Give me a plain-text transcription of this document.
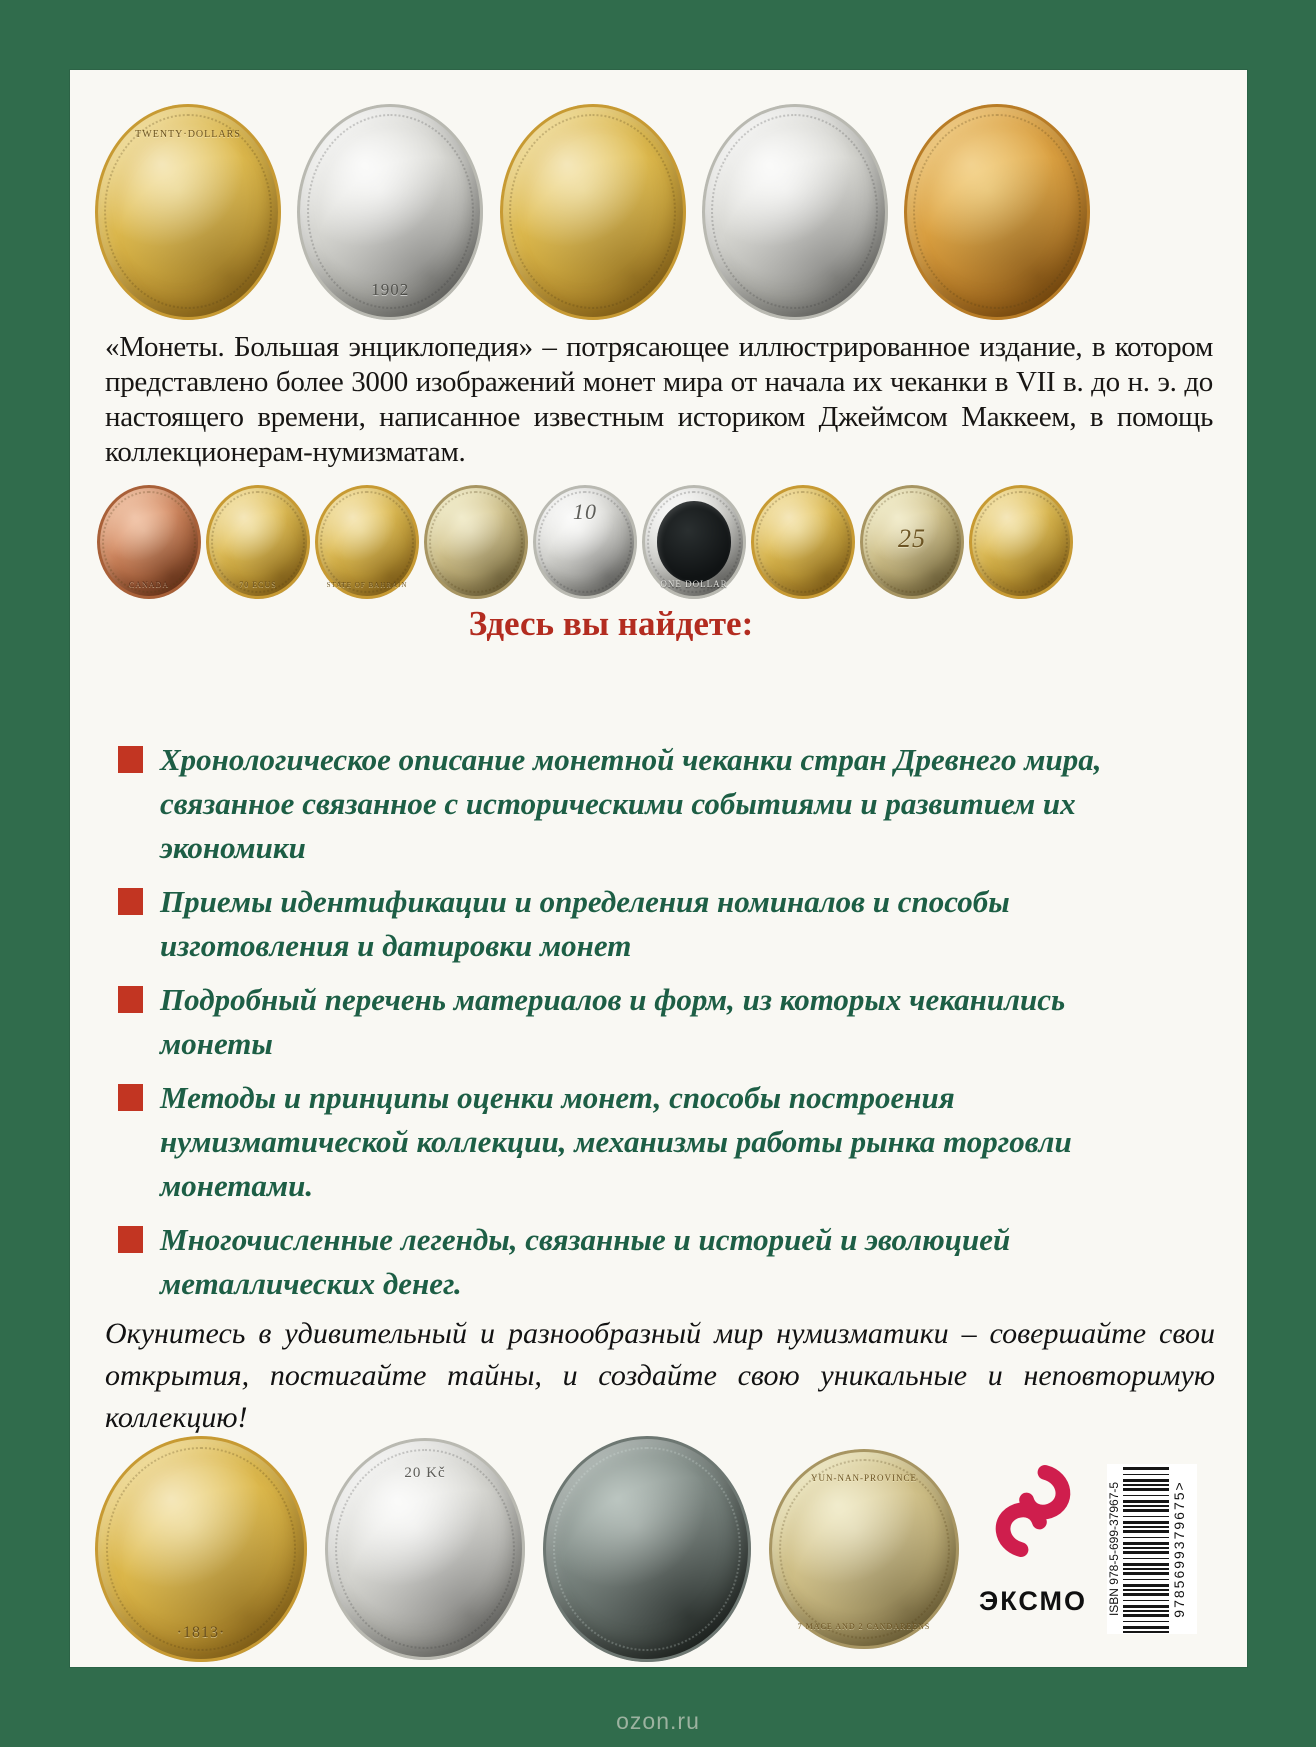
TWENTY·DOLLARS
1902

«Монеты. Большая энциклопедия» – потрясающее иллюстрированное издание, в котором представлено более 3000 изображений монет мира от начала их чеканки в VII в. до н. э. до настоящего времени, написанное известным историком Джеймсом Маккеем, в помощь коллекционерам-нумизматам.

CANADA	70 ECUS	STATE OF BAHRAIN
10
ONE DOLLAR
25
Здесь вы найдете:
Хронологическое описание монетной чеканки стран Древнего мира, связанное связанное с историческими событиями и развитием их экономики
Приемы идентификации и определения номиналов и способы изготовления и датировки монет
Подробный перечень материалов и форм, из которых чеканились монеты
Методы и принципы оценки монет, способы построения нумизматической коллекции, механизмы работы рынка торговли монетами.
Многочисленные легенды, связанные и историей и эволюцией металлических денег.

Окунитесь в удивительный и разнообразный мир нумизматики – совершайте свои открытия, постигайте тайны, и создайте свою уникальные и неповторимую коллекцию!

·1813·
20 Kč	YUN-NAN-PROVINCE
7 MACE AND 2 CANDAREENS
ЭКСМО ISBN 978-5-699-37967-5	9785699379675>
ozon.ru
